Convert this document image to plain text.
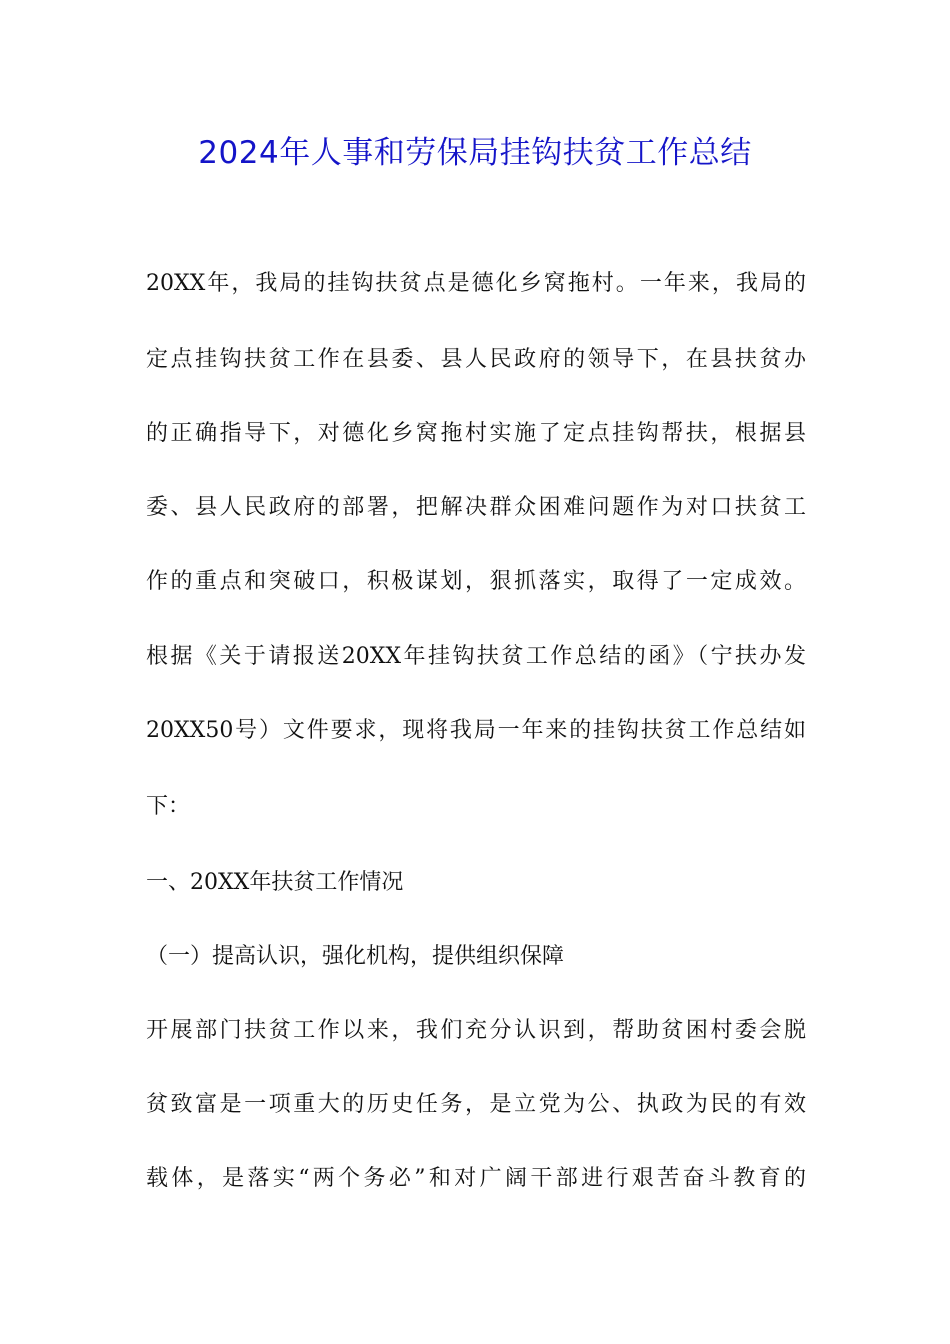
2024年人事和劳保局挂钩扶贫工作总结
20XX年，我局的挂钩扶贫点是德化乡窝拖村。一年来，我局的
定点挂钩扶贫工作在县委、县人民政府的领导下，在县扶贫办
的正确指导下，对德化乡窝拖村实施了定点挂钩帮扶，根据县
委、县人民政府的部署，把解决群众困难问题作为对口扶贫工
作的重点和突破口，积极谋划，狠抓落实，取得了一定成效。
根据《关于请报送20XX年挂钩扶贫工作总结的函》（宁扶办发
20XX50号）文件要求，现将我局一年来的挂钩扶贫工作总结如
下：
一、20XX年扶贫工作情况
（一）提高认识，强化机构，提供组织保障
开展部门扶贫工作以来，我们充分认识到，帮助贫困村委会脱
贫致富是一项重大的历史任务，是立党为公、执政为民的有效
载体，是落实“两个务必”和对广阔干部进行艰苦奋斗教育的
